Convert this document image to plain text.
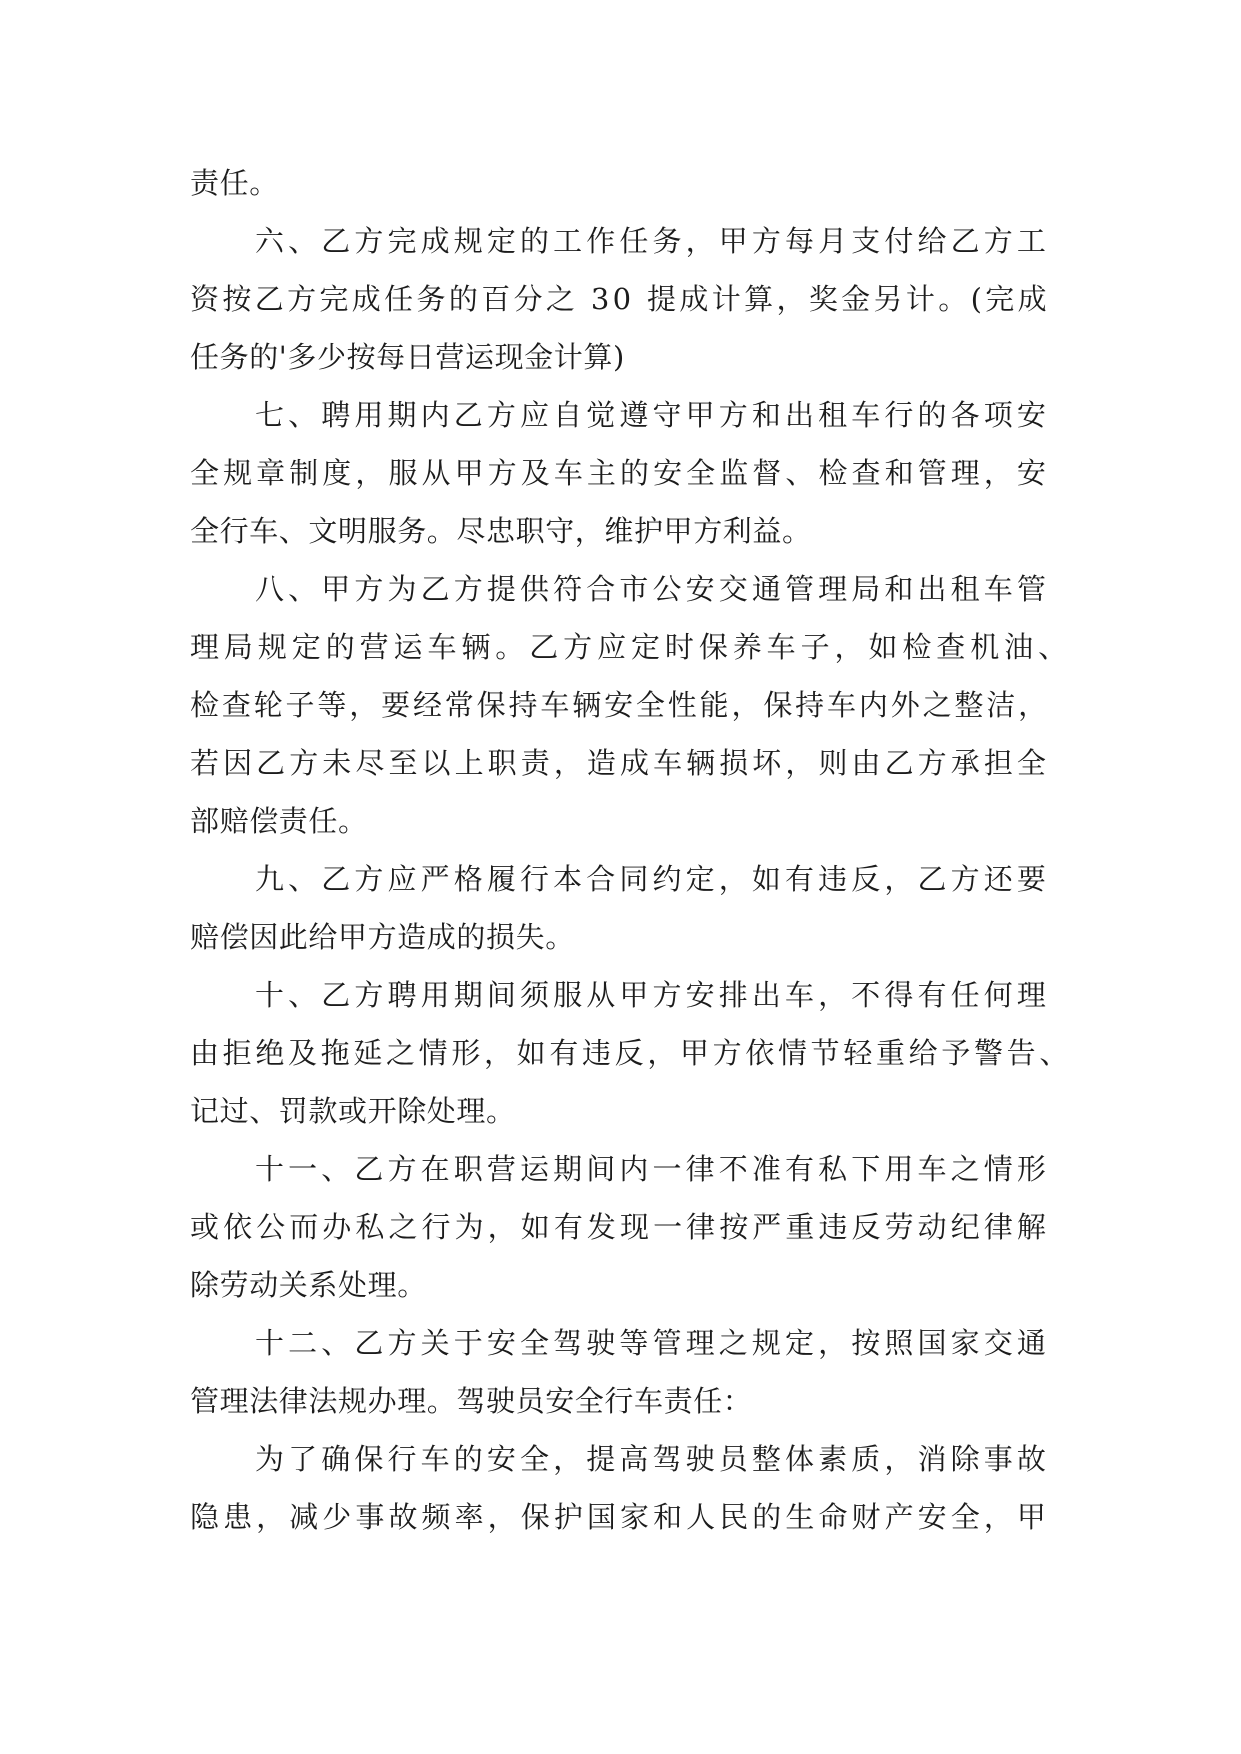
责任。

六、乙方完成规定的工作任务，甲方每月支付给乙方工
资按乙方完成任务的百分之 30 提成计算，奖金另计。(完成
任务的'多少按每日营运现金计算)

七、聘用期内乙方应自觉遵守甲方和出租车行的各项安
全规章制度，服从甲方及车主的安全监督、检查和管理，安
全行车、文明服务。尽忠职守，维护甲方利益。

八、甲方为乙方提供符合市公安交通管理局和出租车管
理局规定的营运车辆。乙方应定时保养车子，如检查机油、
检查轮子等，要经常保持车辆安全性能，保持车内外之整洁，
若因乙方未尽至以上职责，造成车辆损坏，则由乙方承担全
部赔偿责任。

九、乙方应严格履行本合同约定，如有违反，乙方还要
赔偿因此给甲方造成的损失。

十、乙方聘用期间须服从甲方安排出车，不得有任何理
由拒绝及拖延之情形，如有违反，甲方依情节轻重给予警告、
记过、罚款或开除处理。

十一、乙方在职营运期间内一律不准有私下用车之情形
或依公而办私之行为，如有发现一律按严重违反劳动纪律解
除劳动关系处理。

十二、乙方关于安全驾驶等管理之规定，按照国家交通
管理法律法规办理。驾驶员安全行车责任：

为了确保行车的安全，提高驾驶员整体素质，消除事故
隐患，减少事故频率，保护国家和人民的生命财产安全，甲
